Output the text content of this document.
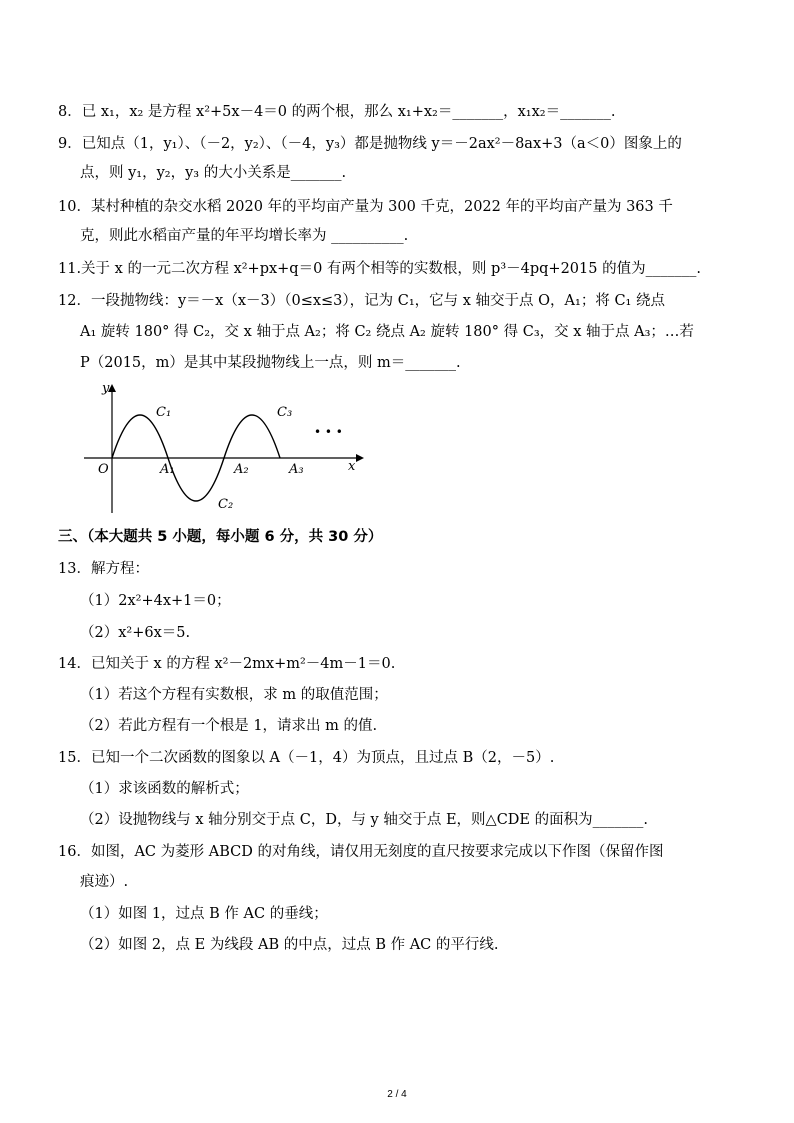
8．已 x₁，x₂ 是方程 x²+5x－4＝0 的两个根，那么 x₁+x₂＝_______，x₁x₂＝_______.
9．已知点（1，y₁）、（－2，y₂）、（－4，y₃）都是抛物线 y＝－2ax²－8ax+3（a＜0）图象上的
点，则 y₁，y₂，y₃ 的大小关系是_______.
10．某村种植的杂交水稻 2020 年的平均亩产量为 300 千克，2022 年的平均亩产量为 363 千
克，则此水稻亩产量的年平均增长率为 __________.
11.关于 x 的一元二次方程 x²+px+q＝0 有两个相等的实数根，则 p³－4pq+2015 的值为_______.
12．一段抛物线：y＝－x（x－3）（0≤x≤3），记为 C₁，它与 x 轴交于点 O，A₁；将 C₁ 绕点
A₁ 旋转 180° 得 C₂，交 x 轴于点 A₂；将 C₂ 绕点 A₂ 旋转 180° 得 C₃，交 x 轴于点 A₃；…若
P（2015，m）是其中某段抛物线上一点，则 m＝_______.
y
x
O	A₁	A₂	A₃
C₁
C₂
C₃
• • •
三、（本大题共 5 小题，每小题 6 分，共 30 分）
13．解方程：
（1）2x²+4x+1＝0；
（2）x²+6x＝5.
14．已知关于 x 的方程 x²－2mx+m²－4m－1＝0.
（1）若这个方程有实数根，求 m 的取值范围；
（2）若此方程有一个根是 1，请求出 m 的值.
15．已知一个二次函数的图象以 A（－1，4）为顶点，且过点 B（2，－5）.
（1）求该函数的解析式；
（2）设抛物线与 x 轴分别交于点 C，D，与 y 轴交于点 E，则△CDE 的面积为_______.
16．如图，AC 为菱形 ABCD 的对角线，请仅用无刻度的直尺按要求完成以下作图（保留作图
痕迹）.
（1）如图 1，过点 B 作 AC 的垂线；
（2）如图 2，点 E 为线段 AB 的中点，过点 B 作 AC 的平行线.
2 / 4
